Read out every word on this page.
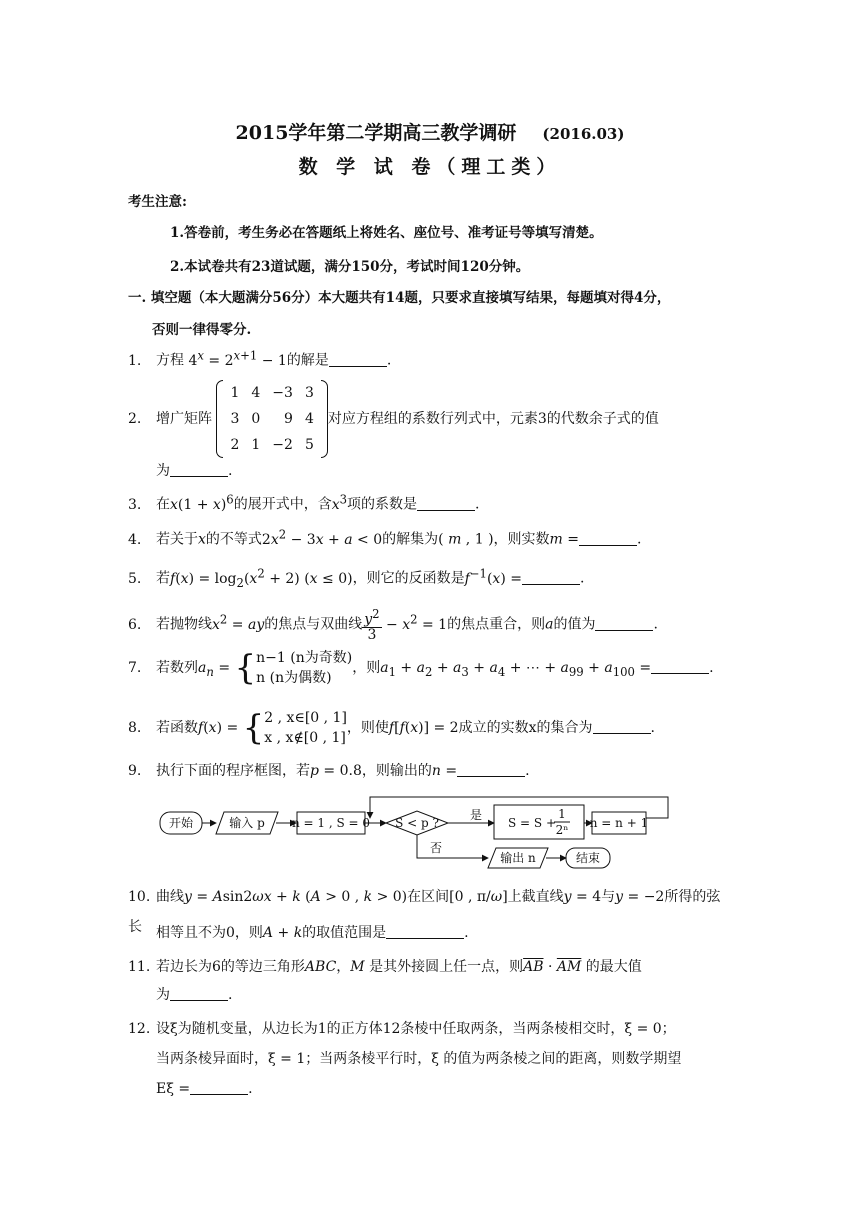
2015学年第二学期高三教学调研 (2016.03)
数 学 试 卷（理工类）
考生注意:
1.答卷前，考生务必在答题纸上将姓名、座位号、准考证号等填写清楚。
2.本试卷共有23道试题，满分150分，考试时间120分钟。
一. 填空题（本大题满分56分）本大题共有14题，只要求直接填写结果，每题填对得4分，
否则一律得零分.
1. 方程 $4^x = 2^{x+1} - 1$的解是	.
2. 增广矩阵
1	4	−3	3
3	0	9	4
2	1	−2	5
对应方程组的系数行列式中，元素3的代数余子式的值
为	.
3. 在$x(1 + x)^6$的展开式中，含$x^3$项的系数是	.
4. 若关于x的不等式$2x^2 - 3x + a < 0$的解集为( m , 1 )，则实数m =	.
5. 若$f(x) = \log_2(x^2 + 2) (x \le 0)$，则它的反函数是$f^{-1}(x)$ =	.
6. 若抛物线$x^2$ = ay的焦点与双曲线 $\frac{y^2}{3} - x^2 = 1$的焦点重合，则a的值为	.
7. 若数列$a_n$ = { n−1 (n为奇数)
n (n为偶数)
，则$a_1 + a_2 + a_3 + a_4$ + ⋯ + $a_{99} + a_{100}$ =	.
8. 若函数f(x) = { 2 , x∈[0 , 1]
x , x∉[0 , 1]
，则使f[f(x)] = 2成立的实数x的集合为	.
9. 执行下面的程序框图，若p = 0.8，则输出的n =	.
开始	输入 p n = 1 , S = 0 S < p ?
是
S = S +
1
2ⁿ n = n + 1
否
输出 n	结束
10. 曲线y = Asin2ωx + k (A > 0 , k > 0)在区间[0 , π/ω]上截直线y = 4与y = −2所得的弦长	相等且不为0，则A + k的取值范围是	.
11. 若边长为6的等边三角形ABC，M 是其外接圆上任一点，则$\overline{AB} \cdot \overline{AM}$ 的最大值
为	.
12. 设ξ为随机变量，从边长为1的正方体12条棱中任取两条，当两条棱相交时，ξ = 0；
当两条棱异面时，ξ = 1；当两条棱平行时，ξ 的值为两条棱之间的距离，则数学期望
Eξ =	.
